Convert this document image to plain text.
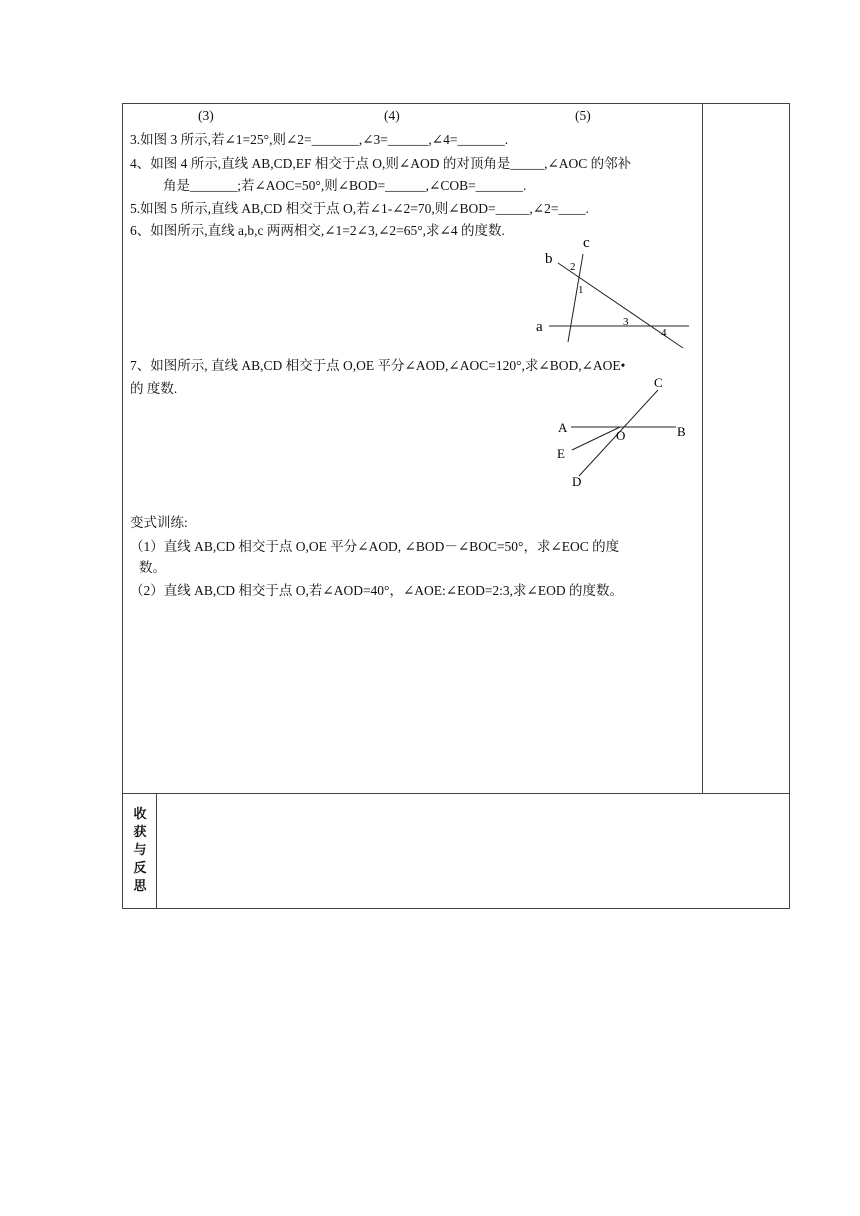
(3)	(4)	(5)
3.如图 3 所示,若∠1=25°,则∠2=_______,∠3=______,∠4=_______.
4、如图 4 所示,直线 AB,CD,EF 相交于点 O,则∠AOD 的对顶角是_____,∠AOC 的邻补
角是_______;若∠AOC=50°,则∠BOD=______,∠COB=_______.
5.如图 5 所示,直线 AB,CD 相交于点 O,若∠1-∠2=70,则∠BOD=_____,∠2=____.
6、如图所示,直线 a,b,c 两两相交,∠1=2∠3,∠2=65°,求∠4 的度数.
c
b
a
2
1
3
4
7、如图所示, 直线 AB,CD 相交于点 O,OE 平分∠AOD,∠AOC=120°,求∠BOD,∠AOE•
的 度数.	C
A
O	B
E
D
变式训练:
（1）直线 AB,CD 相交于点 O,OE 平分∠AOD, ∠BOD－∠BOC=50°，求∠EOC 的度
数。
（2）直线 AB,CD 相交于点 O,若∠AOD=40°，∠AOE:∠EOD=2:3,求∠EOD 的度数。
收
获
与
反
思
